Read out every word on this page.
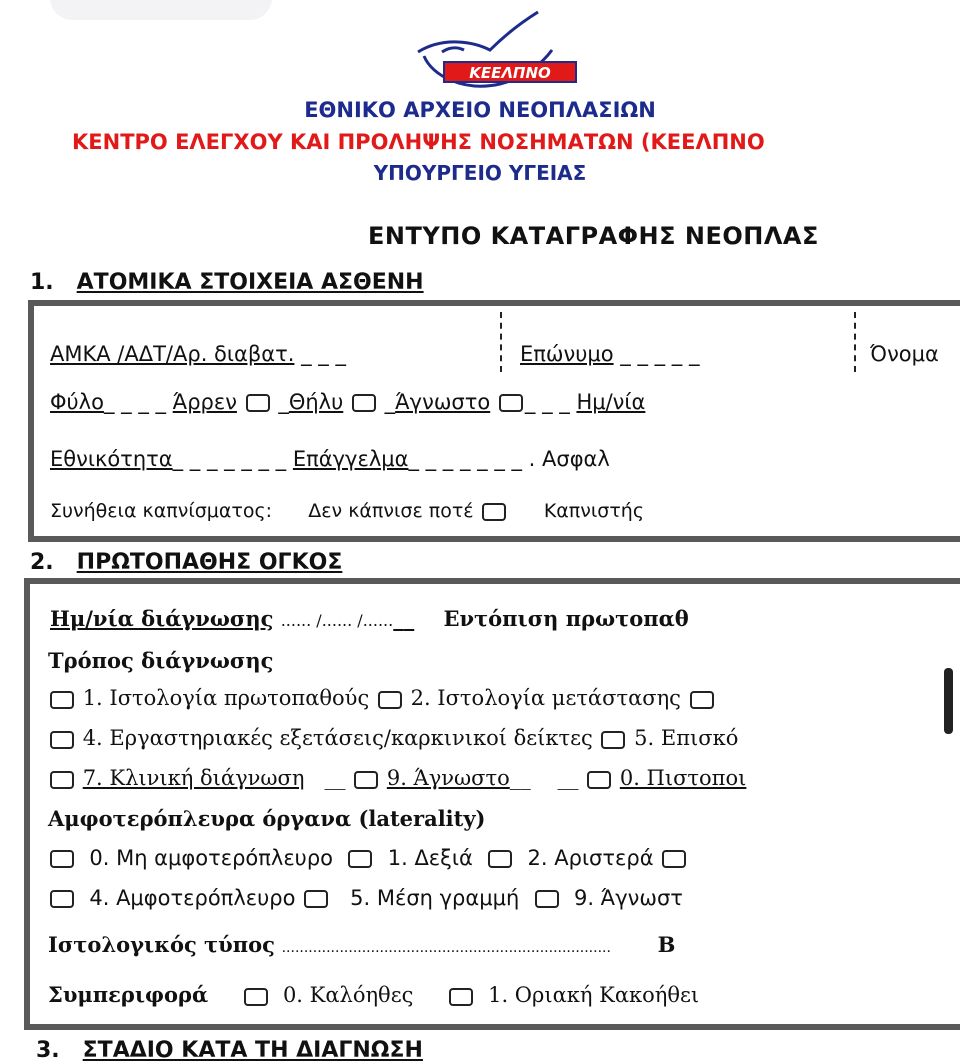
ΚΕΕΛΠΝΟ
ΕΘΝΙΚΟ ΑΡΧΕΙΟ ΝΕΟΠΛΑΣΙΩΝ
ΚΕΝΤΡΟ ΕΛΕΓΧΟΥ ΚΑΙ ΠΡΟΛΗΨΗΣ ΝΟΣΗΜΑΤΩΝ (ΚΕΕΛΠΝΟ
ΥΠΟΥΡΓΕΙΟ ΥΓΕΙΑΣ
ΕΝΤΥΠΟ ΚΑΤΑΓΡΑΦΗΣ ΝΕΟΠΛΑΣ
1. ΑΤΟΜΙΚΑ ΣΤΟΙΧΕΙΑ ΑΣΘΕΝΗ
ΑΜΚΑ /ΑΔΤ/Αρ. διαβατ. _ _ _	Επώνυμο _ _ _ _ _	Όνομα
Φύλο_ _ _ _ Άρρεν  _Θήλυ  _Άγνωστο _ _ _ Ημ/νία
Εθνικότητα_ _ _ _ _ _ _ Επάγγελμα_ _ _ _ _ _ _ . Ασφαλ
Συνήθεια καπνίσματος: Δεν κάπνισε ποτέ	Καπνιστής
2. ΠΡΩΤΟΠΑΘΗΣ ΟΓΚΟΣ
Ημ/νία διάγνωσης ...... /...... /......__    Εντόπιση πρωτοπαθ
Τρόπος διάγνωσης
1. Ιστολογία πρωτοπαθούς 2. Ιστολογία μετάστασης
4. Εργαστηριακές εξετάσεις/καρκινικοί δείκτες 5. Επισκό
7. Κλινική διάγνωση   __  9. Άγνωστο__    __  0. Πιστοποι
Αμφοτερόπλευρα όργανα (laterality)
0. Μη αμφοτερόπλευρο	1. Δεξιά	2. Αριστερά
4. Αμφοτερόπλευρο	5. Μέση γραμμή	9. Άγνωστ
Ιστολογικός τύπος .......................................................................... Β
Συμπεριφορά	0. Καλόηθες	1. Οριακή Κακοήθει
3. ΣΤΑΔΙΟ ΚΑΤΑ ΤΗ ΔΙΑΓΝΩΣΗ
